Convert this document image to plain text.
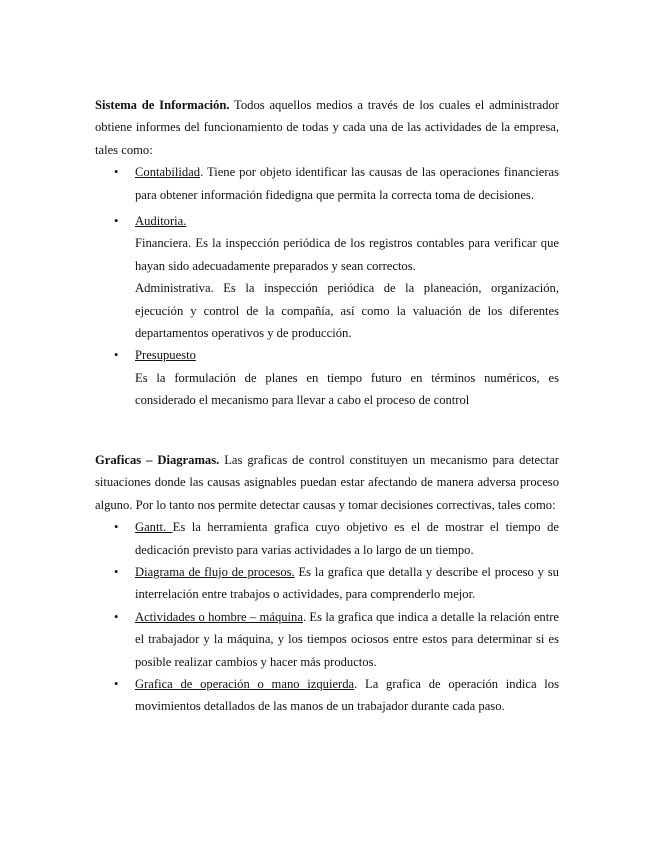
Sistema de Información. Todos aquellos medios a través de los cuales el administrador obtiene informes del funcionamiento de todas y cada una de las actividades de la empresa, tales como:

• Contabilidad. Tiene por objeto identificar las causas de las operaciones financieras para obtener información fidedigna que permita la correcta toma de decisiones.

• Auditoria.

Financiera. Es la inspección periódica de los registros contables para verificar que hayan sido adecuadamente preparados y sean correctos.

Administrativa. Es la inspección periódica de la planeación, organización, ejecución y control de la compañía, así como la valuación de los diferentes departamentos operativos y de producción.

• Presupuesto

Es la formulación de planes en tiempo futuro en términos numéricos, es considerado el mecanismo para llevar a cabo el proceso de control

Graficas – Diagramas. Las graficas de control constituyen un mecanismo para detectar situaciones donde las causas asignables puedan estar afectando de manera adversa proceso alguno. Por lo tanto nos permite detectar causas y tomar decisiones correctivas, tales como:

• Gantt. Es la herramienta grafica cuyo objetivo es el de mostrar el tiempo de dedicación previsto para varias actividades a lo largo de un tiempo.

• Diagrama de flujo de procesos. Es la grafica que detalla y describe el proceso y su interrelación entre trabajos o actividades, para comprenderlo mejor.

• Actividades o hombre – máquina. Es la grafica que indica a detalle la relación entre el trabajador y la máquina, y los tiempos ociosos entre estos para determinar si es posible realizar cambios y hacer más productos.

• Grafica de operación o mano izquierda. La grafica de operación indica los movimientos detallados de las manos de un trabajador durante cada paso.
